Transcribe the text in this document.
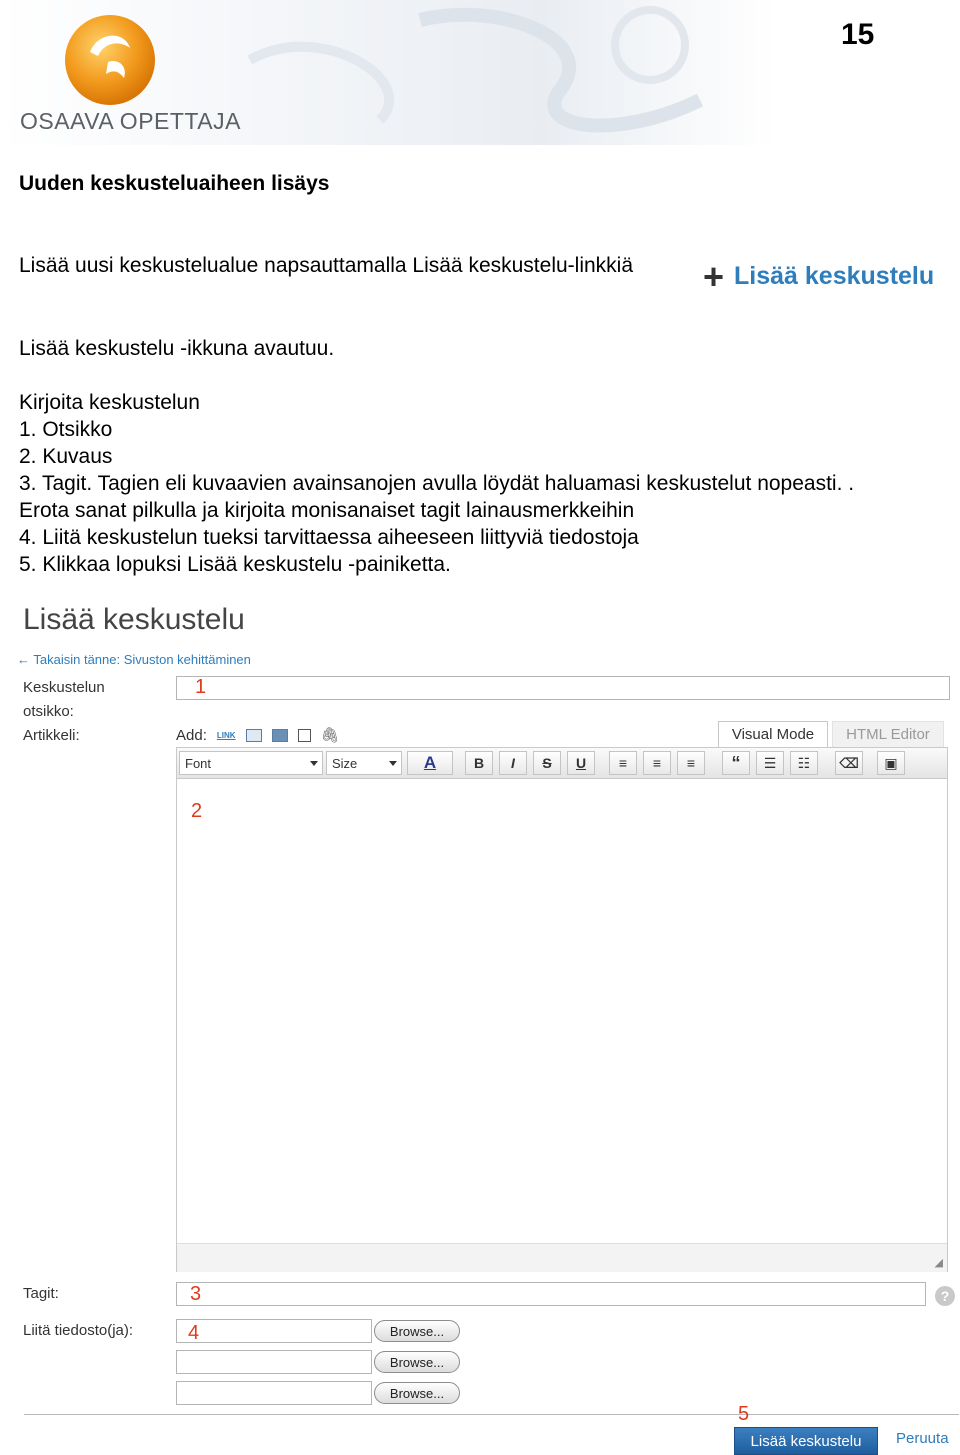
OSAAVA OPETTAJA
15
Uuden keskusteluaiheen lisäys
Lisää uusi keskustelualue napsauttamalla Lisää keskustelu-linkkiä + Lisää keskustelu
Lisää keskustelu -ikkuna avautuu.
Kirjoita keskustelun
1. Otsikko
2. Kuvaus
3. Tagit. Tagien eli kuvaavien avainsanojen avulla löydät haluamasi keskustelut nopeasti. .
Erota sanat pilkulla ja kirjoita monisanaiset tagit lainausmerkkeihin
4. Liitä keskustelun tueksi tarvittaessa aiheeseen liittyviä tiedostoja
5. Klikkaa lopuksi Lisää keskustelu -painiketta.
Lisää keskustelu
← Takaisin tänne: Sivuston kehittäminen
Keskustelun
otsikko:
1
Artikkeli:	Add: LINK	🖇	Visual Mode	HTML Editor
Font	Size	A	B	I	S	U	≡	≡	≡	“	☰	☷	⌫	▣
2
◢
Tagit:	3	?
Liitä tiedosto(ja):	4	Browse...
Browse...
Browse...
5
Lisää keskustelu	Peruuta
